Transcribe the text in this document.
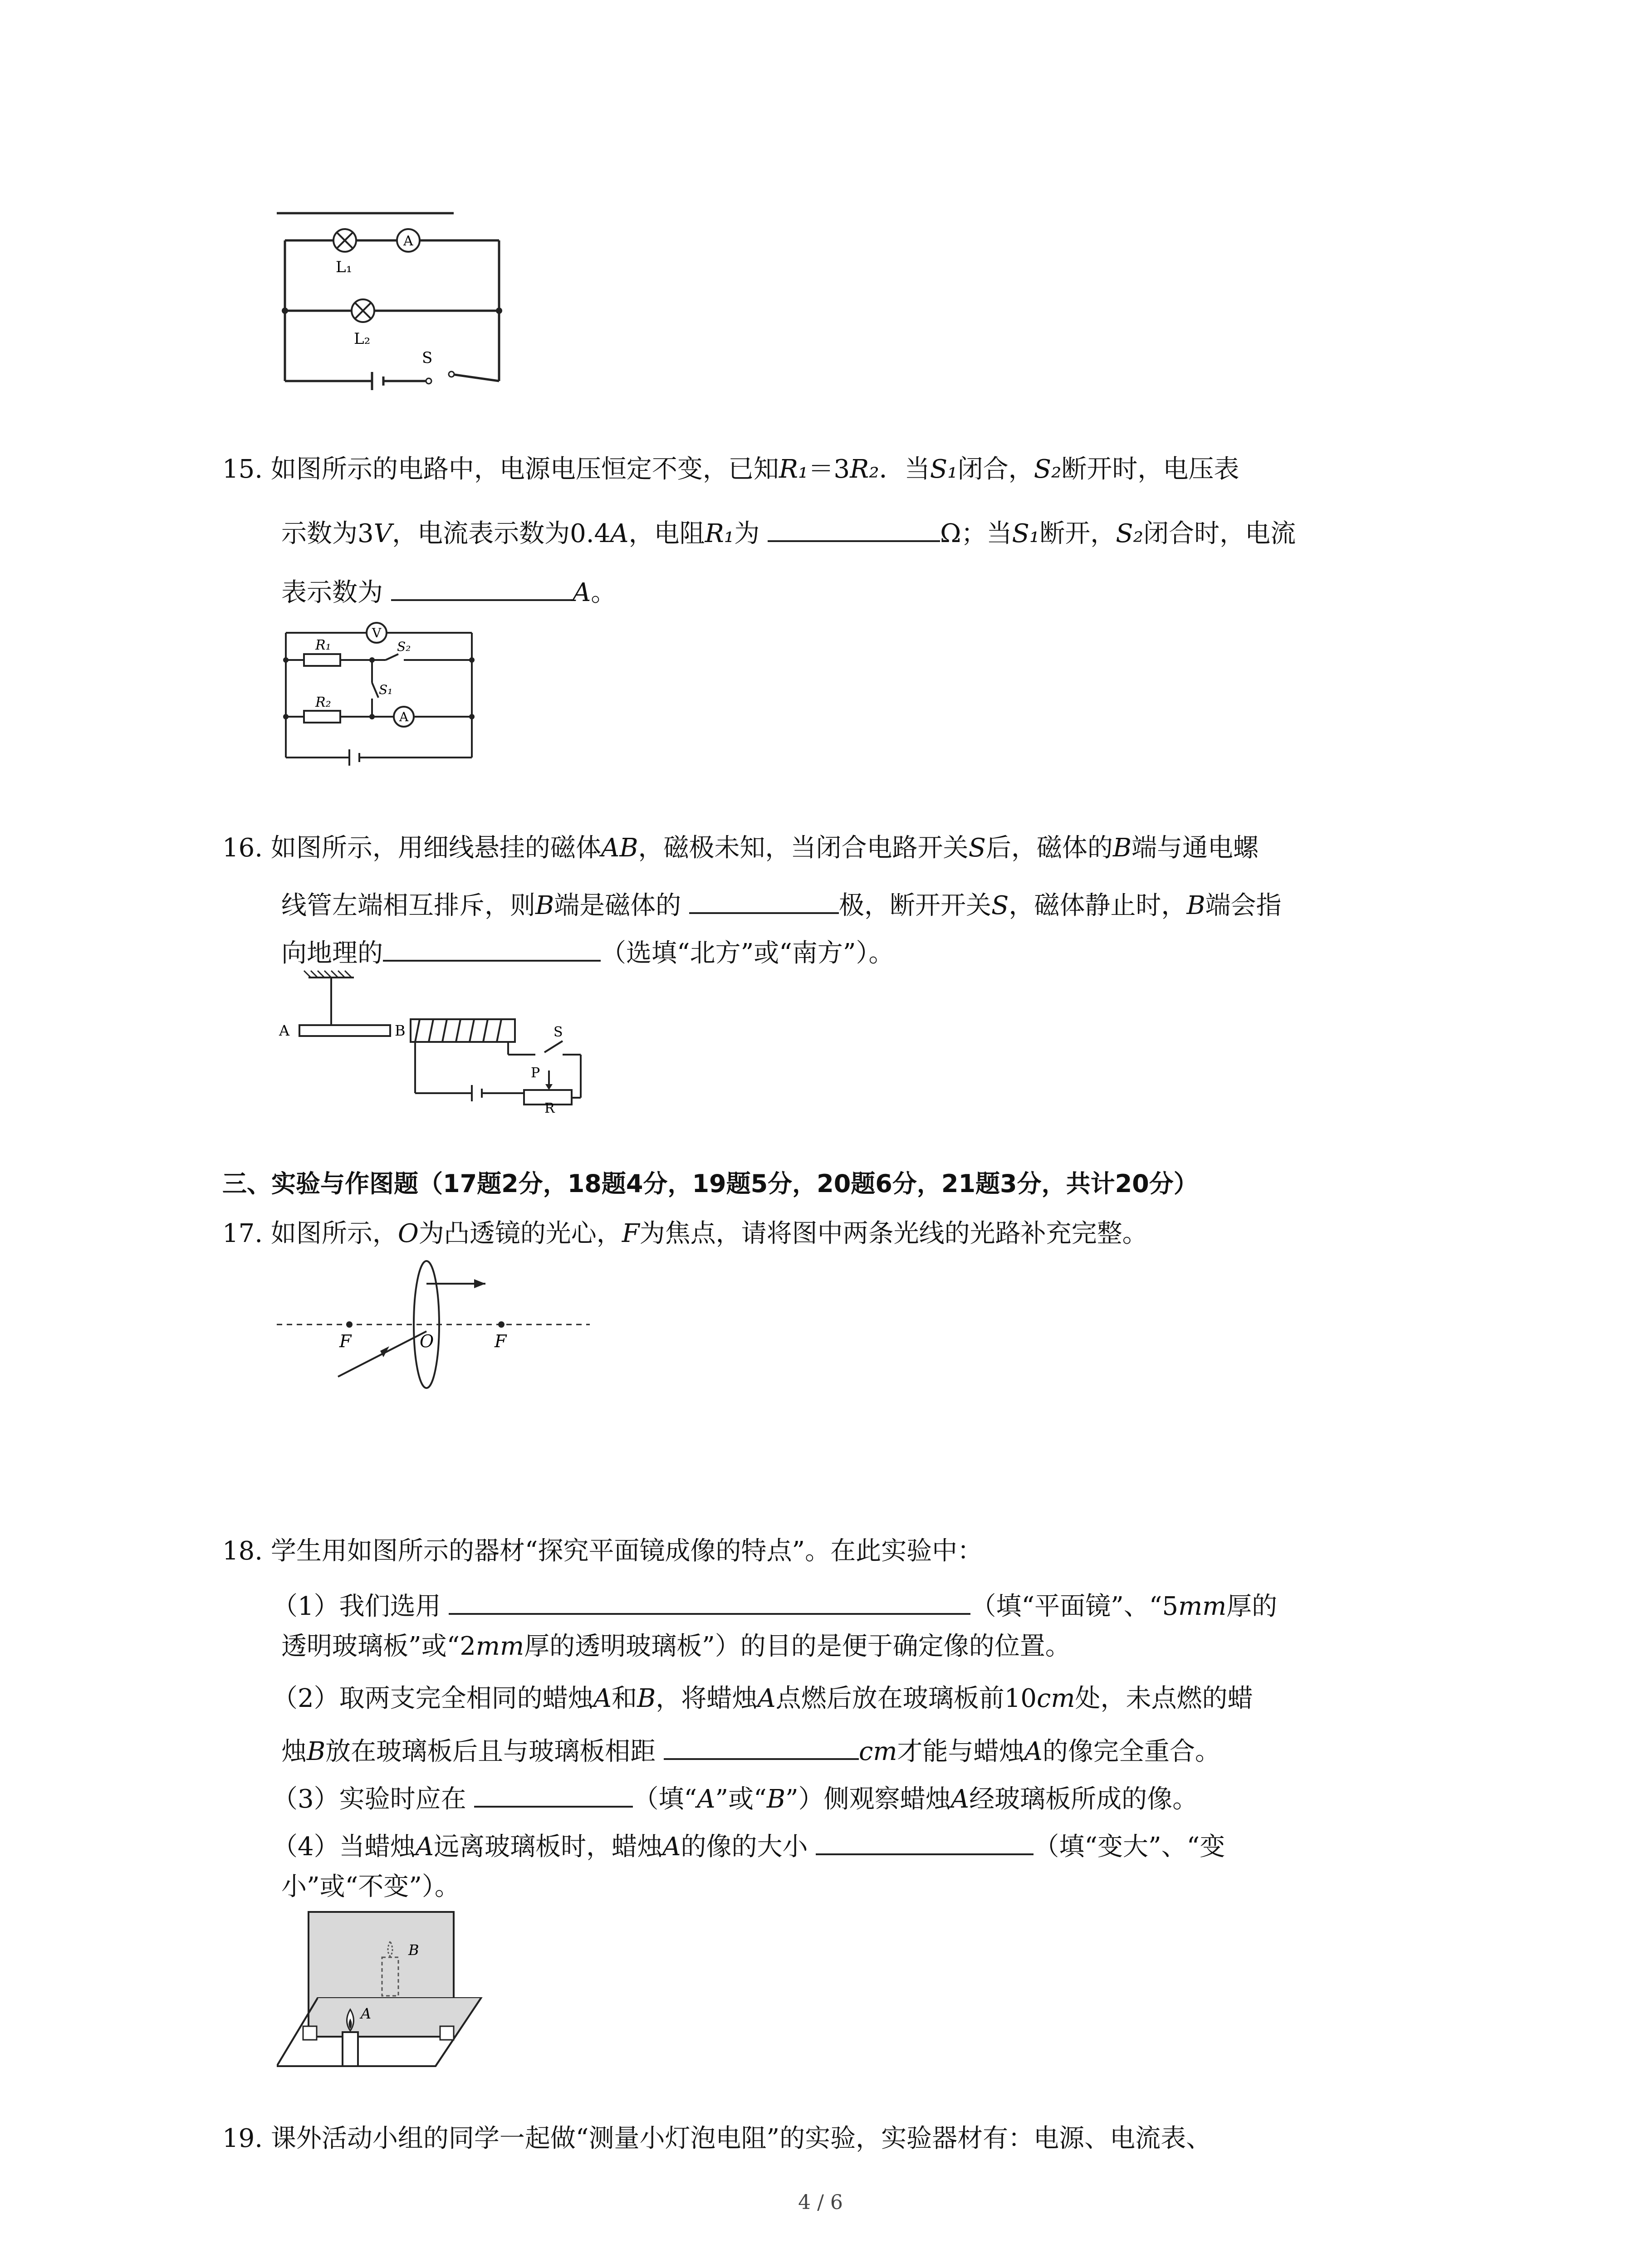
L₁
A
L₂
S
15. 如图所示的电路中，电源电压恒定不变，已知R₁＝3R₂．当S₁闭合，S₂断开时，电压表
示数为3V，电流表示数为0.4A，电阻R₁为	Ω；当S₁断开，S₂闭合时，电流
表示数为	A。
R₁
R₂
V
A
S₂
S₁
16. 如图所示，用细线悬挂的磁体AB，磁极未知，当闭合电路开关S后，磁体的B端与通电螺
线管左端相互排斥，则B端是磁体的	极，断开开关S，磁体静止时，B端会指
向地理的	（选填“北方”或“南方”）。
A	B	S
P
R
三、实验与作图题（17题2分，18题4分，19题5分，20题6分，21题3分，共计20分）
17. 如图所示，O为凸透镜的光心，F为焦点，请将图中两条光线的光路补充完整。
F	O	F
18. 学生用如图所示的器材“探究平面镜成像的特点”。在此实验中：
（1）我们选用	（填“平面镜”、“5mm厚的
透明玻璃板”或“2mm厚的透明玻璃板”）的目的是便于确定像的位置。
（2）取两支完全相同的蜡烛A和B，将蜡烛A点燃后放在玻璃板前10cm处，未点燃的蜡
烛B放在玻璃板后且与玻璃板相距	cm才能与蜡烛A的像完全重合。
（3）实验时应在	（填“A”或“B”）侧观察蜡烛A经玻璃板所成的像。
（4）当蜡烛A远离玻璃板时，蜡烛A的像的大小	（填“变大”、“变
小”或“不变”）。
B
A
19. 课外活动小组的同学一起做“测量小灯泡电阻”的实验，实验器材有：电源、电流表、
4 / 6
